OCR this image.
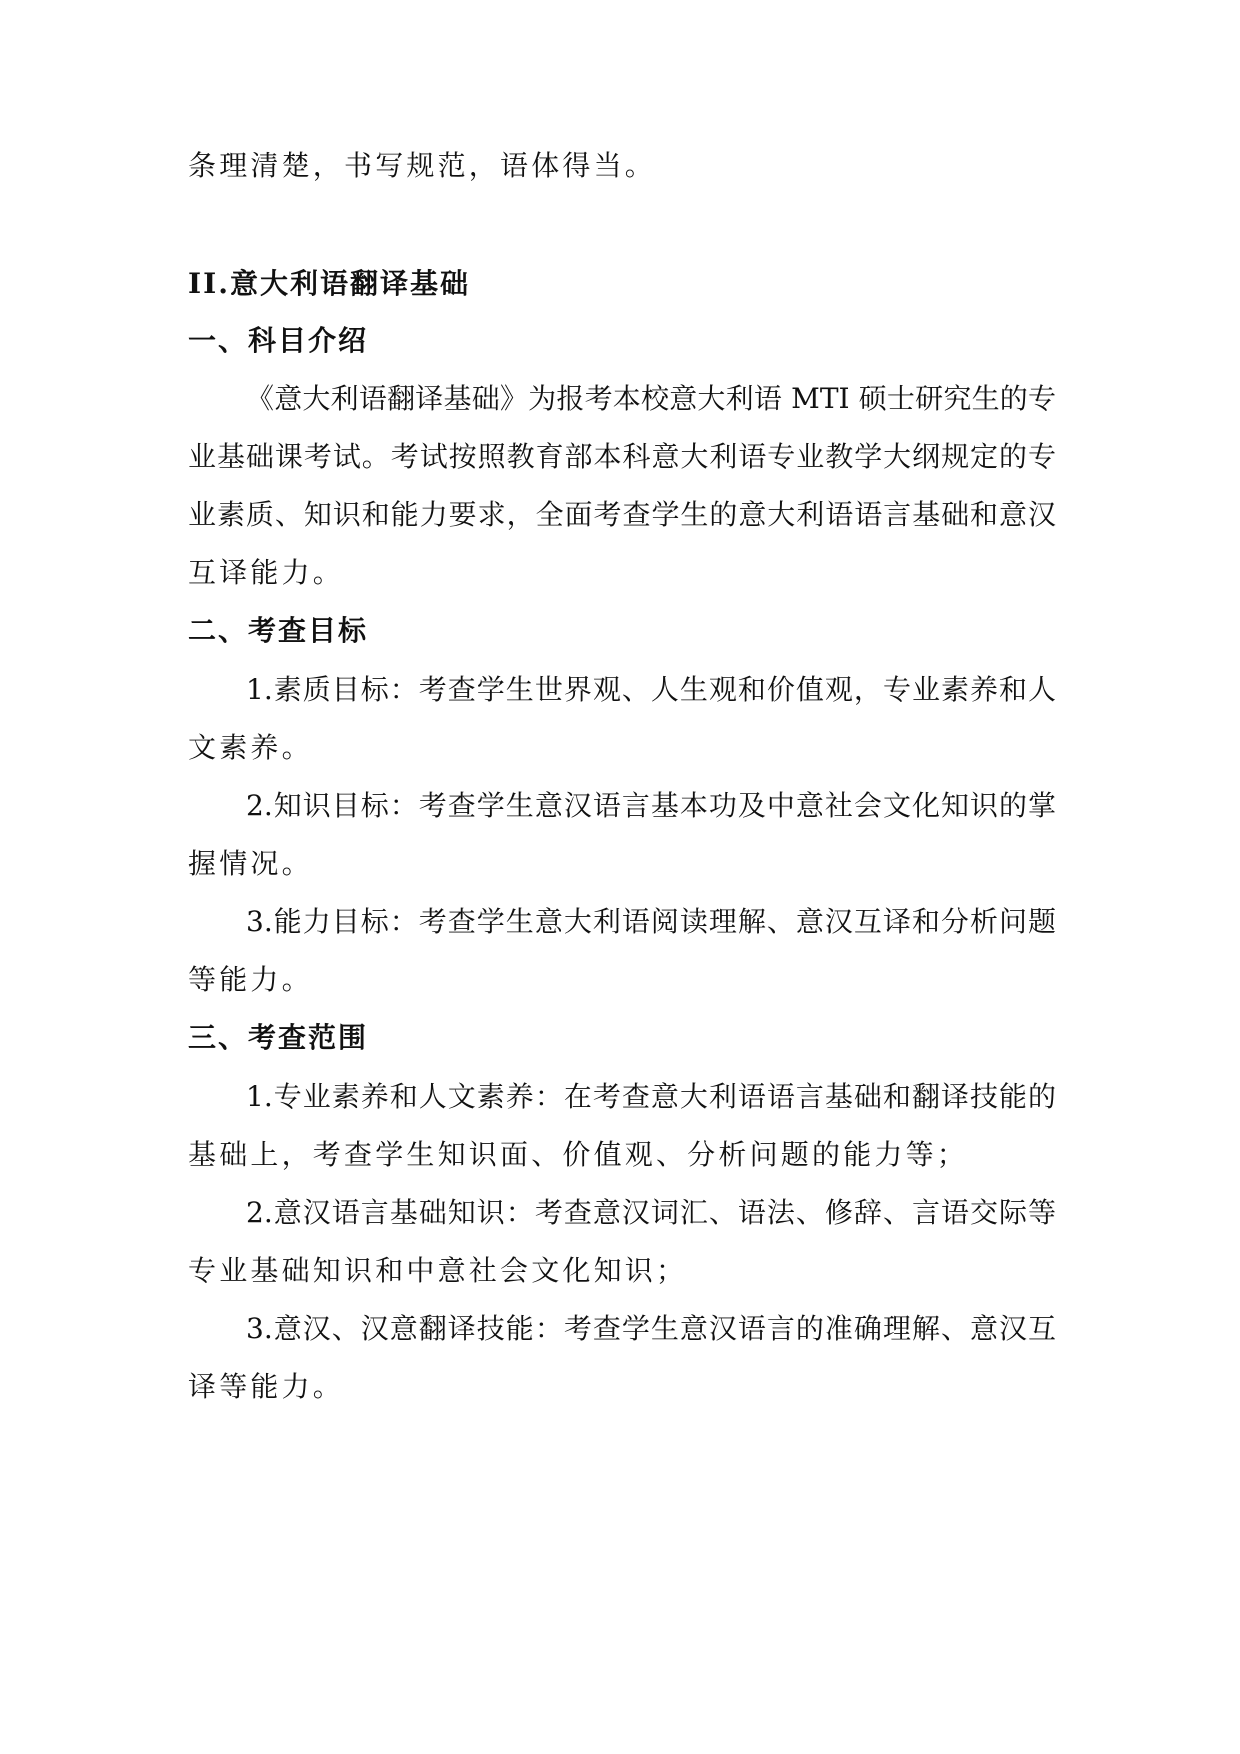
条理清楚，书写规范，语体得当。
II.意大利语翻译基础
一、科目介绍
《意大利语翻译基础》为报考本校意大利语 MTI 硕士研究生的专
业基础课考试。考试按照教育部本科意大利语专业教学大纲规定的专
业素质、知识和能力要求，全面考查学生的意大利语语言基础和意汉
互译能力。
二、考查目标
1.素质目标：考查学生世界观、人生观和价值观，专业素养和人
文素养。
2.知识目标：考查学生意汉语言基本功及中意社会文化知识的掌
握情况。
3.能力目标：考查学生意大利语阅读理解、意汉互译和分析问题
等能力。
三、考查范围
1.专业素养和人文素养：在考查意大利语语言基础和翻译技能的
基础上，考查学生知识面、价值观、分析问题的能力等；
2.意汉语言基础知识：考查意汉词汇、语法、修辞、言语交际等
专业基础知识和中意社会文化知识；
3.意汉、汉意翻译技能：考查学生意汉语言的准确理解、意汉互
译等能力。
